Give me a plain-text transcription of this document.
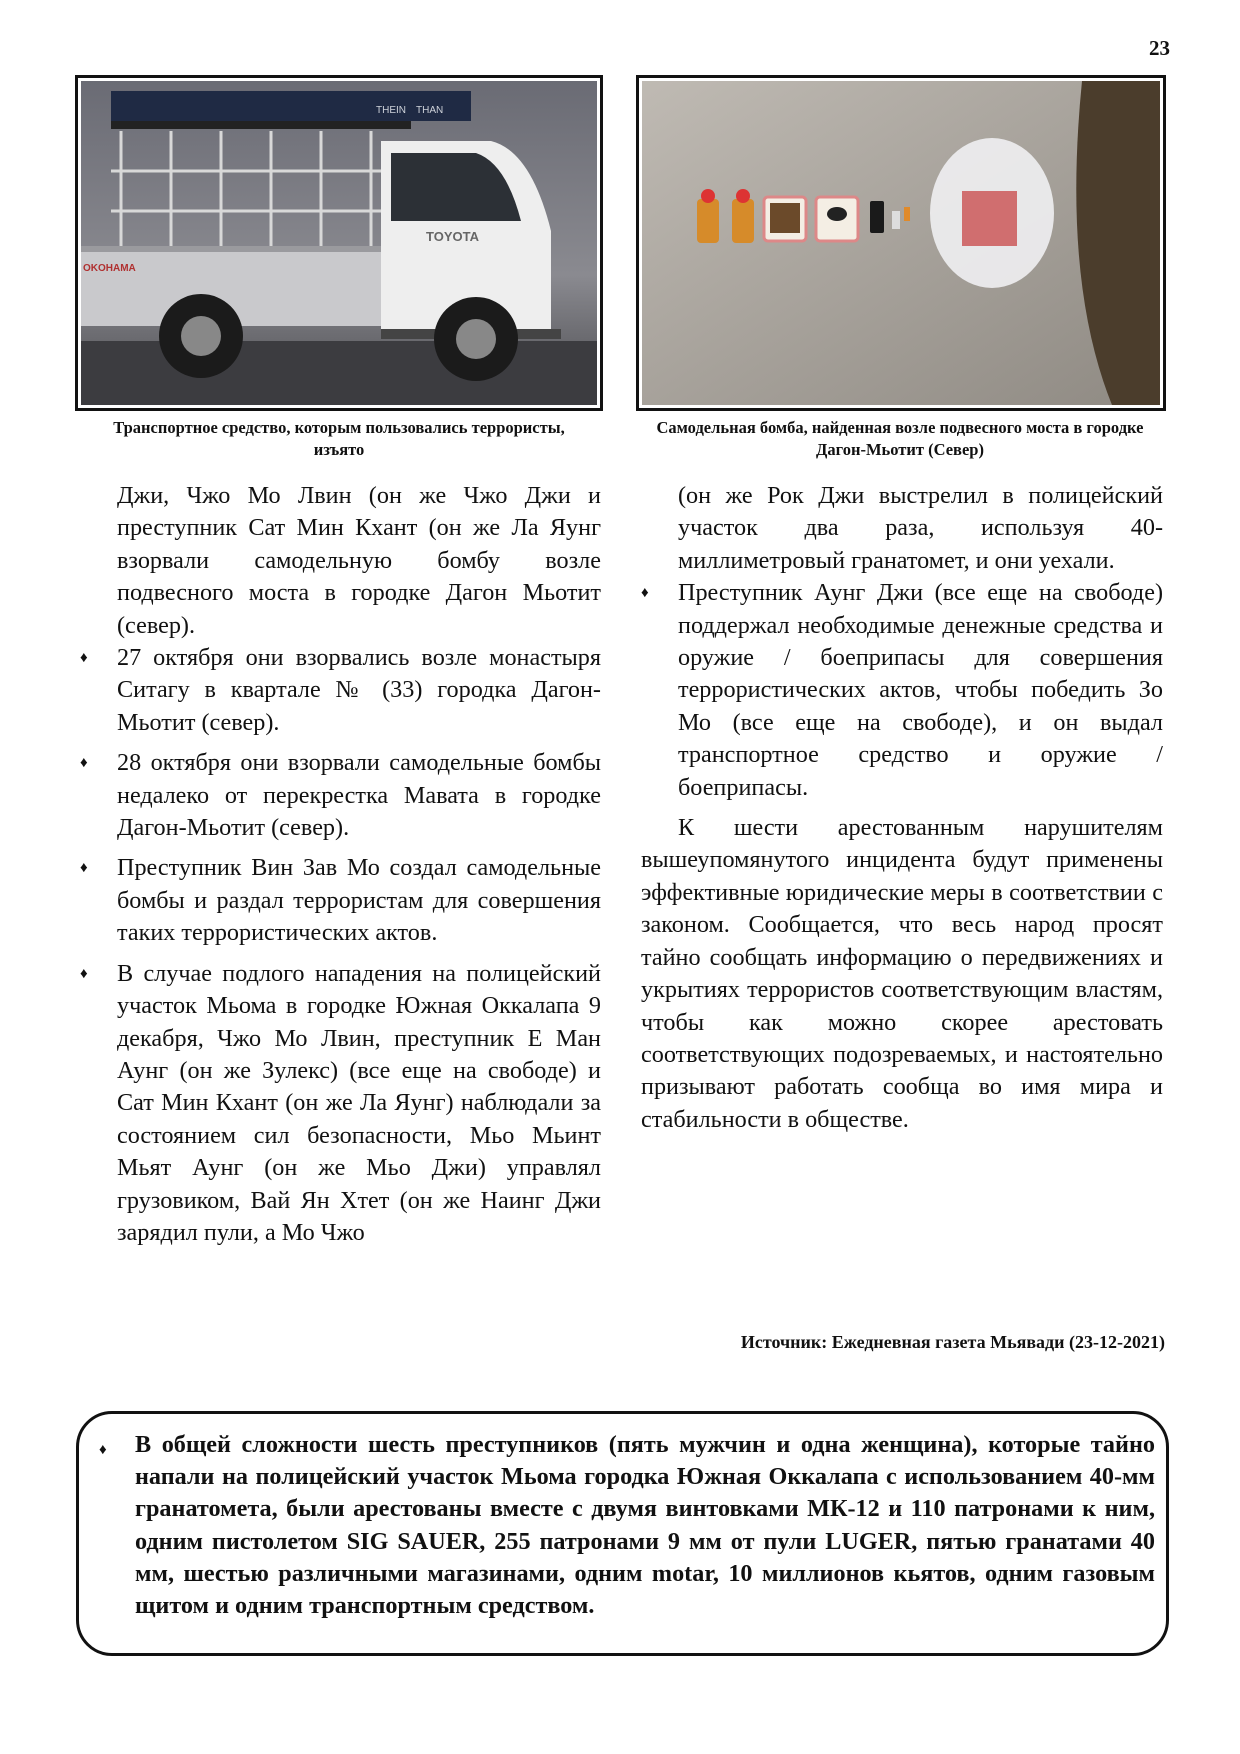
23
THEIN THAN
TOYOTA
OKOHAMA
Транспортное средство, которым пользовались террористы, изъято
Самодельная бомба, найденная возле подвесного моста в городке Дагон-Мьотит (Север)

Джи, Чжо Мо Лвин (он же Чжо Джи и преступник Сат Мин Кхант (он же Ла Яунг взорвали самодельную бомбу возле подвесного моста в городке Дагон Мьотит (север).

♦ 27 октября они взорвались возле монастыря Ситагу в квартале № (33) городка Дагон-Мьотит (север).
♦ 28 октября они взорвали самодельные бомбы недалеко от перекрестка Мавата в городке Дагон-Мьотит (север).
♦ Преступник Вин Зав Мо создал самодельные бомбы и раздал террористам для совершения таких террористических актов.
♦ В случае подлого нападения на полицейский участок Мьома в городке Южная Оккалапа 9 декабря, Чжо Мо Лвин, преступник Е Ман Аунг (он же Зулекс) (все еще на свободе) и Сат Мин Кхант (он же Ла Яунг) наблюдали за состоянием сил безопасности, Мьо Мьинт Мьят Аунг (он же Мьо Джи) управлял грузовиком, Вай Ян Хтет (он же Наинг Джи зарядил пули, а Мо Чжо

(он же Рок Джи выстрелил в полицейский участок два раза, используя 40-миллиметровый гранатомет, и они уехали.

♦ Преступник Аунг Джи (все еще на свободе) поддержал необходимые денежные средства и оружие / боеприпасы для совершения террористических актов, чтобы победить Зо Мо (все еще на свободе), и он выдал транспортное средство и оружие / боеприпасы.

К шести арестованным нарушителям вышеупомянутого инцидента будут применены эффективные юридические меры в соответствии с законом. Сообщается, что весь народ просят тайно сообщать информацию о передвижениях и укрытиях террористов соответствующим властям, чтобы как можно скорее арестовать соответствующих подозреваемых, и настоятельно призывают работать сообща во имя мира и стабильности в обществе.

Источник: Ежедневная газета Мьявади (23-12-2021)
♦ В общей сложности шесть преступников (пять мужчин и одна женщина), которые тайно напали на полицейский участок Мьома городка Южная Оккалапа с использованием 40-мм гранатомета, были арестованы вместе с двумя винтовками МК-12 и 110 патронами к ним, одним пистолетом SIG SAUER, 255 патронами 9 мм от пули LUGER, пятью гранатами 40 мм, шестью различными магазинами, одним motar, 10 миллионов кьятов, одним газовым щитом и одним транспортным средством.
